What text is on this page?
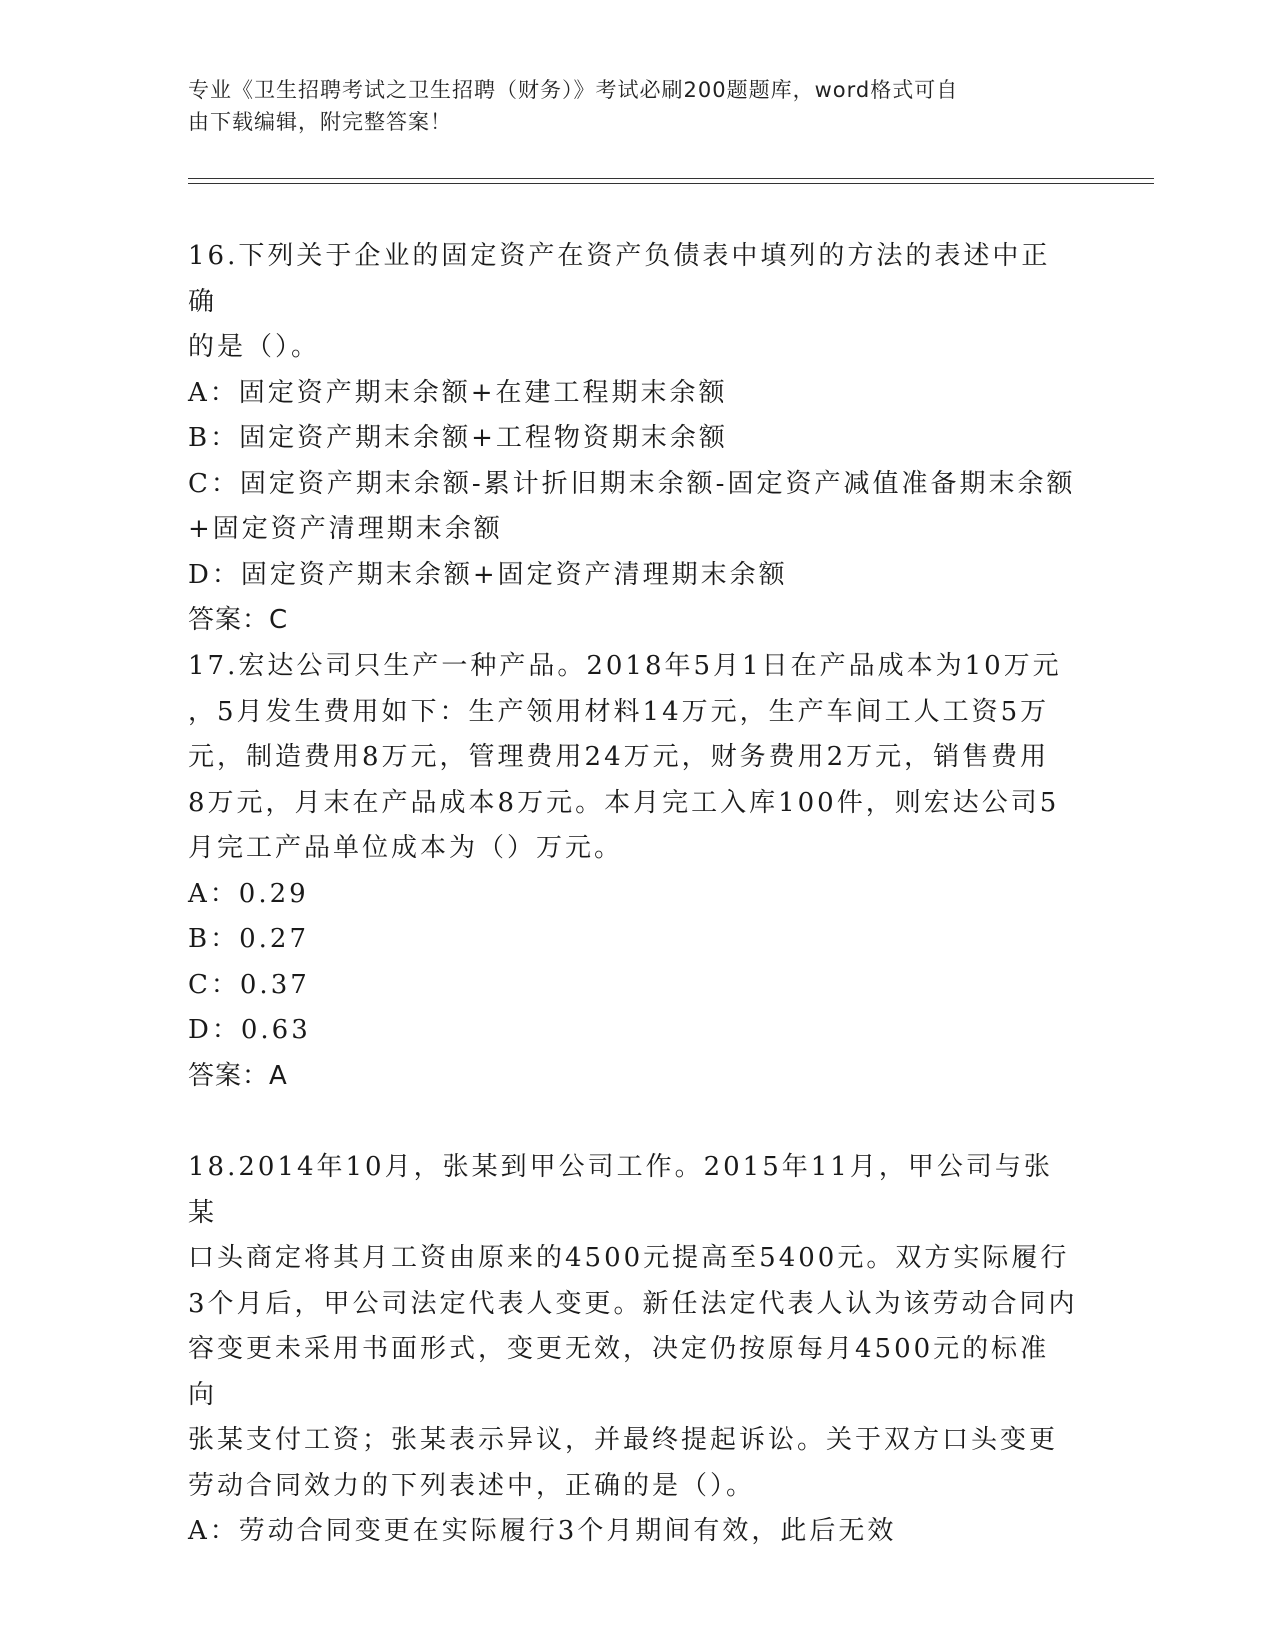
专业《卫生招聘考试之卫生招聘（财务）》考试必刷200题题库，word格式可自
由下载编辑，附完整答案！

16.下列关于企业的固定资产在资产负债表中填列的方法的表述中正确

的是（）。

A：固定资产期末余额+在建工程期末余额

B：固定资产期末余额+工程物资期末余额

C：固定资产期末余额-累计折旧期末余额-固定资产减值准备期末余额

+固定资产清理期末余额

D：固定资产期末余额+固定资产清理期末余额

答案：C

17.宏达公司只生产一种产品。2018年5月1日在产品成本为10万元

，5月发生费用如下：生产领用材料14万元，生产车间工人工资5万

元，制造费用8万元，管理费用24万元，财务费用2万元，销售费用

8万元，月末在产品成本8万元。本月完工入库100件，则宏达公司5

月完工产品单位成本为（）万元。

A：0.29

B：0.27

C：0.37

D：0.63

答案：A

18.2014年10月，张某到甲公司工作。2015年11月，甲公司与张某

口头商定将其月工资由原来的4500元提高至5400元。双方实际履行

3个月后，甲公司法定代表人变更。新任法定代表人认为该劳动合同内

容变更未采用书面形式，变更无效，决定仍按原每月4500元的标准向

张某支付工资；张某表示异议，并最终提起诉讼。关于双方口头变更

劳动合同效力的下列表述中，正确的是（）。

A：劳动合同变更在实际履行3个月期间有效，此后无效
